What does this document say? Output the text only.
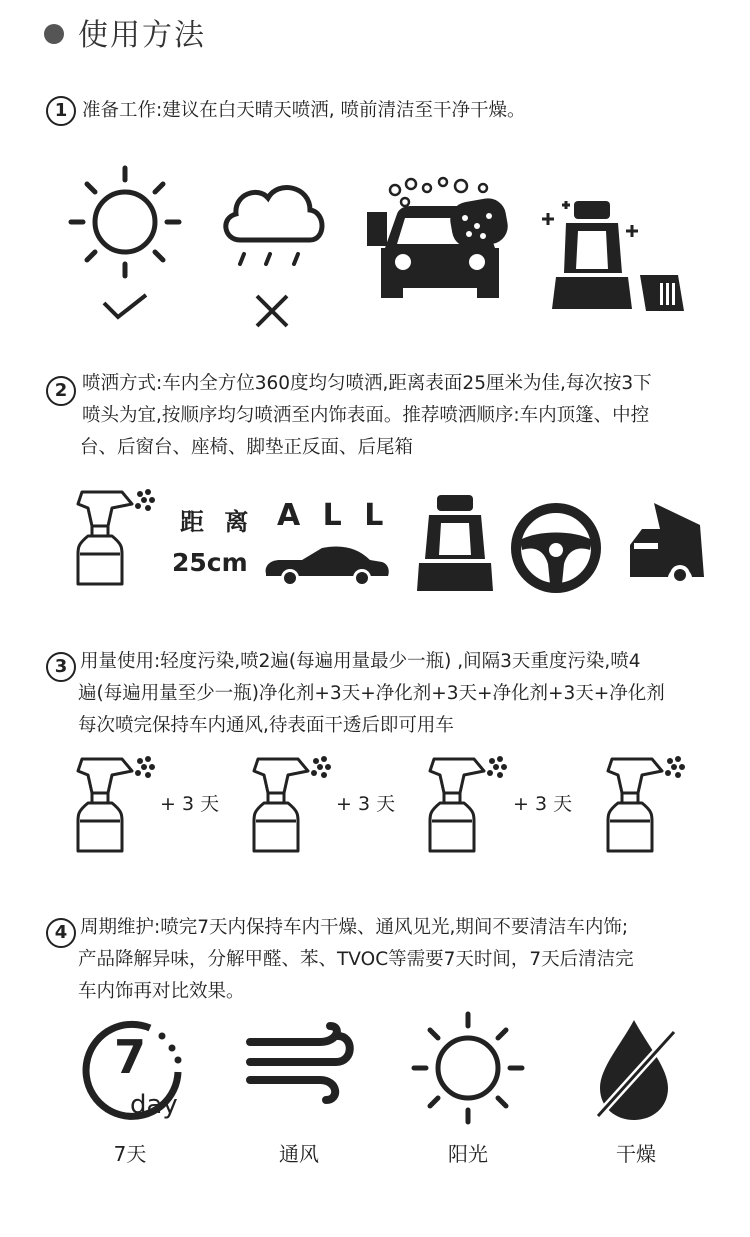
使用方法
1 准备工作:建议在白天晴天喷洒, 喷前清洁至干净干燥。
2 喷洒方式:车内全方位360度均匀喷洒,距离表面25厘米为佳,每次按3下
喷头为宜,按顺序均匀喷洒至内饰表面。推荐喷洒顺序:车内顶篷、中控
台、后窗台、座椅、脚垫正反面、后尾箱
距 离
25cm
A L L
3 用量使用:轻度污染,喷2遍(每遍用量最少一瓶) ,间隔3天重度污染,喷4
遍(每遍用量至少一瓶)净化剂+3天+净化剂+3天+净化剂+3天+净化剂
每次喷完保持车内通风,待表面干透后即可用车
+ 3 天	+ 3 天	+ 3 天
4 周期维护:喷完7天内保持车内干燥、通风见光,期间不要清洁车内饰;
产品降解异味，分解甲醛、苯、TVOC等需要7天时间，7天后清洁完
车内饰再对比效果。
7
day
7天	通风	阳光	干燥
